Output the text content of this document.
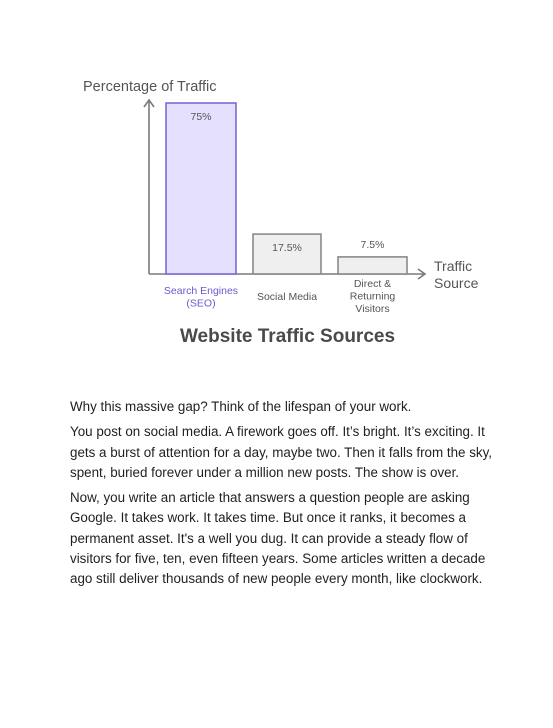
Percentage of Traffic
Traffic
Source
75%
Search Engines
(SEO)
17.5%
Social Media
7.5%
Direct &
Returning
Visitors
Website Traffic Sources

Why this massive gap? Think of the lifespan of your work.

You post on social media. A firework goes off. It’s bright. It’s exciting. It gets a burst of attention for a day, maybe two. Then it falls from the sky, spent, buried forever under a million new posts. The show is over.

Now, you write an article that answers a question people are asking Google. It takes work. It takes time. But once it ranks, it becomes a permanent asset. It's a well you dug. It can provide a steady flow of visitors for five, ten, even fifteen years. Some articles written a decade ago still deliver thousands of new people every month, like clockwork.
